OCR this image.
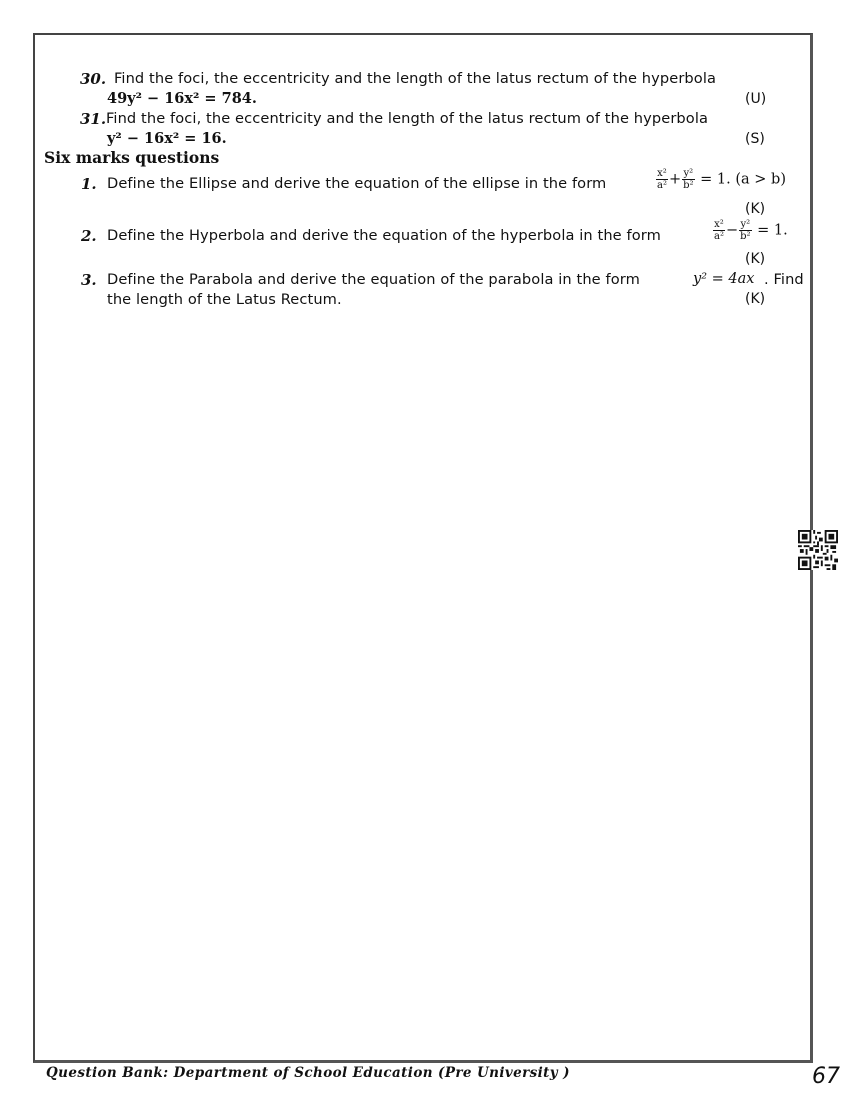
30. Find the foci, the eccentricity and the length of the latus rectum of the hyperbola
49y² − 16x² = 784.	(U)
31. Find the foci, the eccentricity and the length of the latus rectum of the hyperbola
y² − 16x² = 16.	(S)
Six marks questions
1. Define the Ellipse and derive the equation of the ellipse in the form	$\frac{\text{x²}}{\text{a²}} + \frac{\text{y²}}{\text{b²}} = 1$. (a > b)
(K)
2. Define the Hyperbola and derive the equation of the hyperbola in the form	$\frac{\text{x²}}{\text{a²}} - \frac{\text{y²}}{\text{b²}} = 1$.
(K)
3. Define the Parabola and derive the equation of the parabola in the form	y² = 4ax . Find
the length of the Latus Rectum.	(K)
Question Bank: Department of School Education (Pre University )	67
